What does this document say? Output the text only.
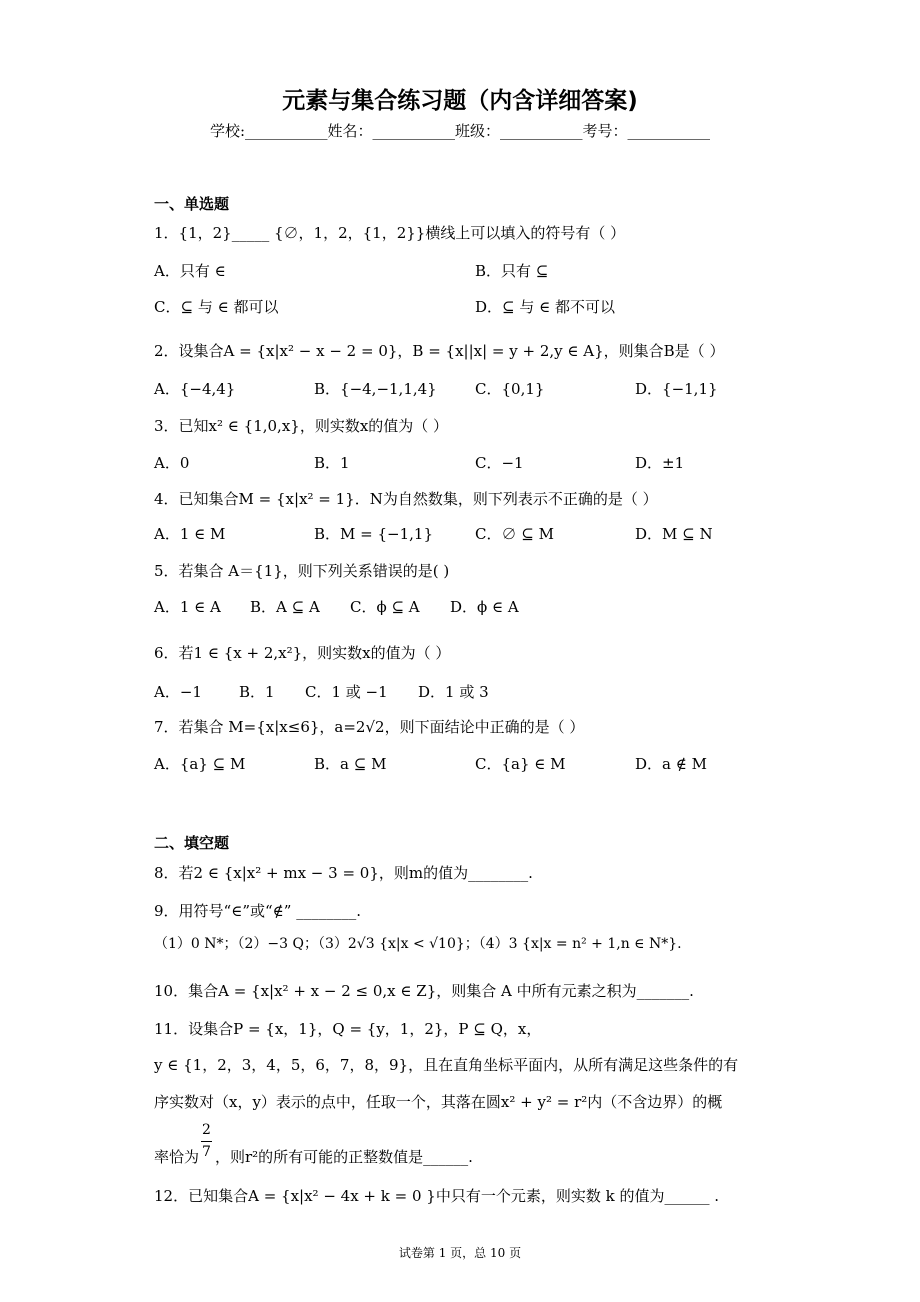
元素与集合练习题（内含详细答案)
学校:___________姓名：___________班级：___________考号：___________
一、单选题
1．{1，2}_____ {∅，1，2，{1，2}}横线上可以填入的符号有（ ）
A．只有 ∈	B．只有 ⊆
C．⊆ 与 ∈ 都可以	D．⊆ 与 ∈ 都不可以
2．设集合A = {x|x² − x − 2 = 0}，B = {x||x| = y + 2,y ∈ A}，则集合B是（ ）
A．{−4,4}	B．{−4,−1,1,4}	C．{0,1}	D．{−1,1}
3．已知x² ∈ {1,0,x}，则实数x的值为（ ）
A．0	B．1	C．−1	D．±1
4．已知集合M = {x|x² = 1}．N为自然数集，则下列表示不正确的是（ ）
A．1 ∈ M	B．M = {−1,1}	C．∅ ⊆ M	D．M ⊆ N
5．若集合 A＝{1}，则下列关系错误的是( )
A．1 ∈ A B．A ⊆ A C．ϕ ⊆ A D．ϕ ∈ A
6．若1 ∈ {x + 2,x²}，则实数x的值为（ ）
A．−1 B．1 C．1 或 −1 D．1 或 3
7．若集合 M={x|x≤6}，a=2√2，则下面结论中正确的是（ ）
A．{a} ⊆ M	B．a ⊆ M	C．{a} ∈ M	D．a ∉ M
二、填空题
8．若2 ∈ {x|x² + mx − 3 = 0}，则m的值为________.
9．用符号“∈”或“∉” ________.
（1）0 N*；（2）−3 Q；（3）2√3 {x|x < √10}；（4）3 {x|x = n² + 1,n ∈ N*}.
10．集合A = {x|x² + x − 2 ≤ 0,x ∈ Z}，则集合 A 中所有元素之积为_______.
11．设集合P = {x，1}，Q = {y，1，2}，P ⊆ Q，x，
y ∈ {1，2，3，4，5，6，7，8，9}，且在直角坐标平面内，从所有满足这些条件的有
序实数对（x，y）表示的点中，任取一个，其落在圆x² + y² = r²内（不含边界）的概
率恰为
2
7 ，则r²的所有可能的正整数值是______.
12．已知集合A = {x|x² − 4x + k = 0 }中只有一个元素，则实数 k 的值为______ .
试卷第 1 页，总 10 页
